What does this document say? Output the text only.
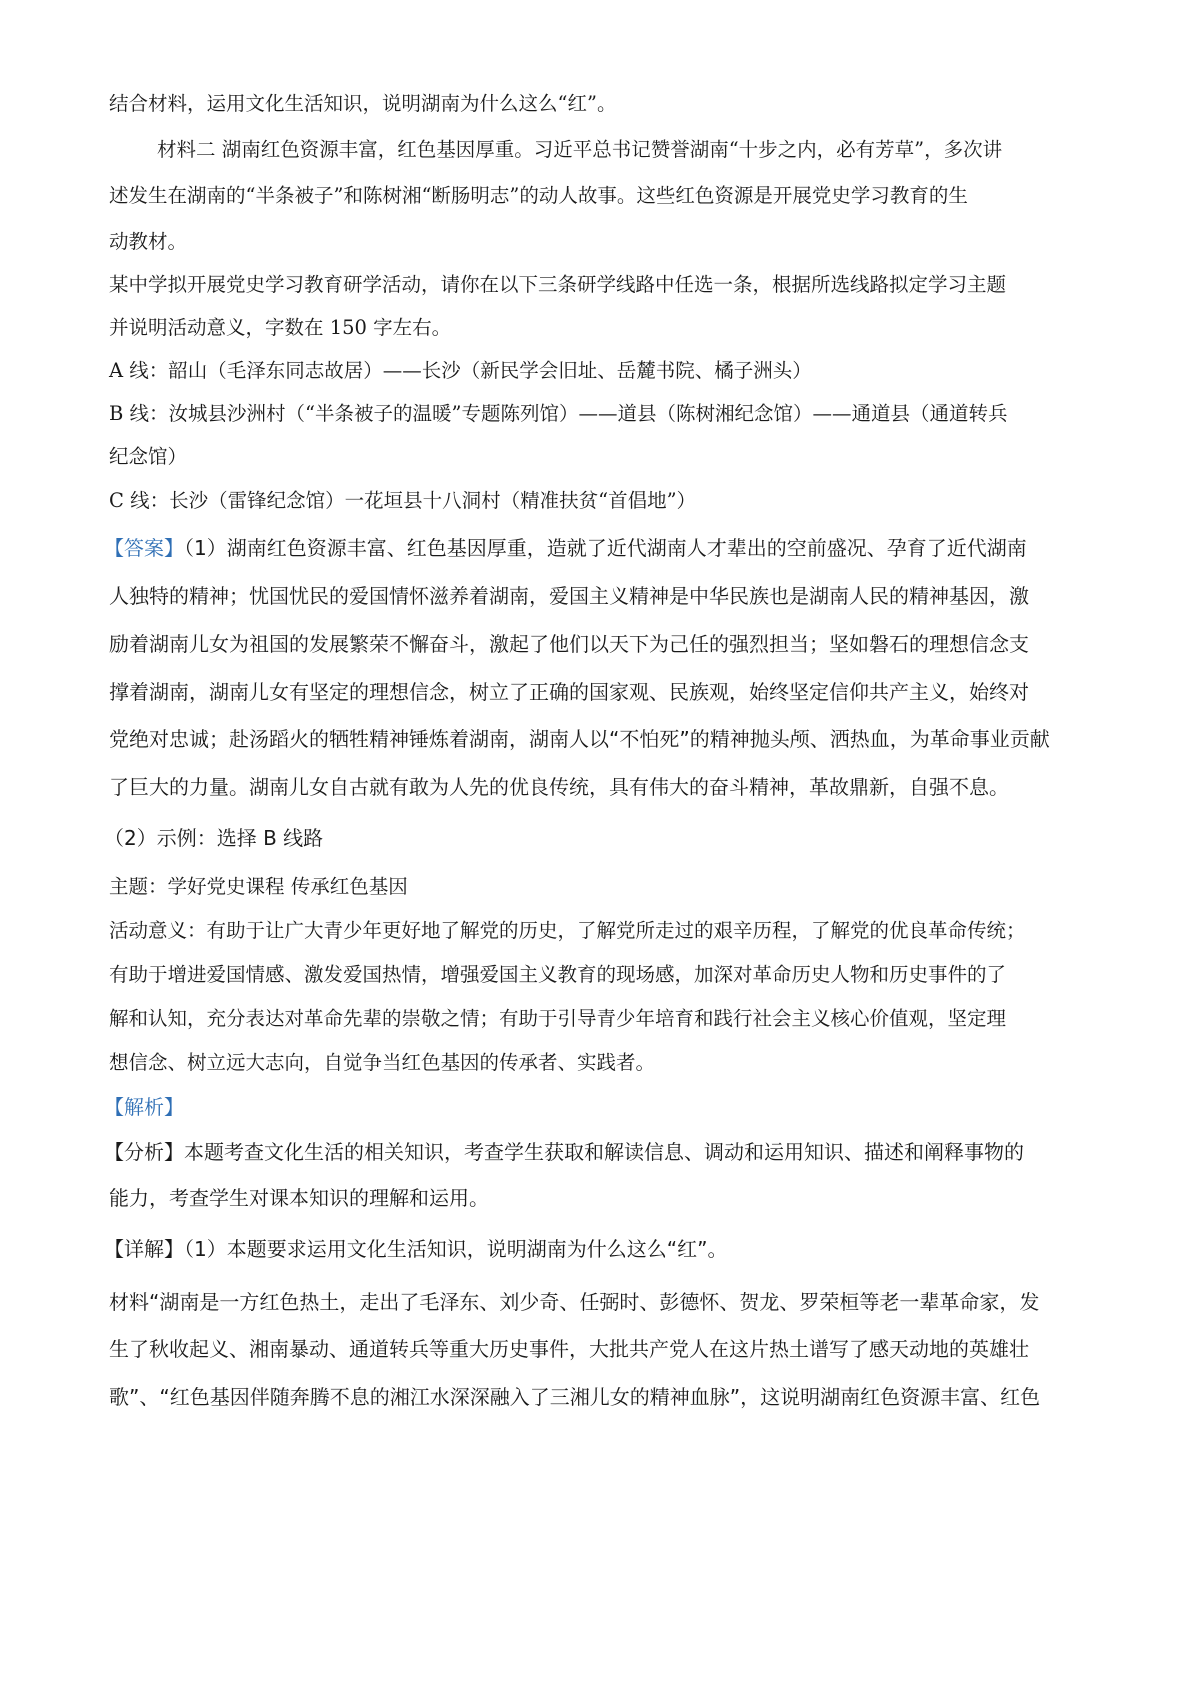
结合材料，运用文化生活知识，说明湖南为什么这么“红”。

材料二 湖南红色资源丰富，红色基因厚重。习近平总书记赞誉湖南“十步之内，必有芳草”，多次讲

述发生在湖南的“半条被子”和陈树湘“断肠明志”的动人故事。这些红色资源是开展党史学习教育的生

动教材。

某中学拟开展党史学习教育研学活动，请你在以下三条研学线路中任选一条，根据所选线路拟定学习主题

并说明活动意义，字数在 150 字左右。

A 线：韶山（毛泽东同志故居）——长沙（新民学会旧址、岳麓书院、橘子洲头）

B 线：汝城县沙洲村（“半条被子的温暖”专题陈列馆）——道县（陈树湘纪念馆）——通道县（通道转兵

纪念馆）

C 线：长沙（雷锋纪念馆）一花垣县十八洞村（精准扶贫“首倡地”）

【答案】（1）湖南红色资源丰富、红色基因厚重，造就了近代湖南人才辈出的空前盛况、孕育了近代湖南

人独特的精神；忧国忧民的爱国情怀滋养着湖南，爱国主义精神是中华民族也是湖南人民的精神基因，激

励着湖南儿女为祖国的发展繁荣不懈奋斗，激起了他们以天下为己任的强烈担当；坚如磐石的理想信念支

撑着湖南，湖南儿女有坚定的理想信念，树立了正确的国家观、民族观，始终坚定信仰共产主义，始终对

党绝对忠诚；赴汤蹈火的牺牲精神锤炼着湖南，湖南人以“不怕死”的精神抛头颅、洒热血，为革命事业贡献

了巨大的力量。湖南儿女自古就有敢为人先的优良传统，具有伟大的奋斗精神，革故鼎新，自强不息。

（2）示例：选择 B 线路

主题：学好党史课程 传承红色基因

活动意义：有助于让广大青少年更好地了解党的历史，了解党所走过的艰辛历程，了解党的优良革命传统；

有助于增进爱国情感、激发爱国热情，增强爱国主义教育的现场感，加深对革命历史人物和历史事件的了

解和认知，充分表达对革命先辈的崇敬之情；有助于引导青少年培育和践行社会主义核心价值观，坚定理

想信念、树立远大志向，自觉争当红色基因的传承者、实践者。

【解析】

【分析】本题考查文化生活的相关知识，考查学生获取和解读信息、调动和运用知识、描述和阐释事物的

能力，考查学生对课本知识的理解和运用。

【详解】（1）本题要求运用文化生活知识，说明湖南为什么这么“红”。

材料“湖南是一方红色热土，走出了毛泽东、刘少奇、任弼时、彭德怀、贺龙、罗荣桓等老一辈革命家，发

生了秋收起义、湘南暴动、通道转兵等重大历史事件，大批共产党人在这片热土谱写了感天动地的英雄壮

歌”、“红色基因伴随奔腾不息的湘江水深深融入了三湘儿女的精神血脉”，这说明湖南红色资源丰富、红色
